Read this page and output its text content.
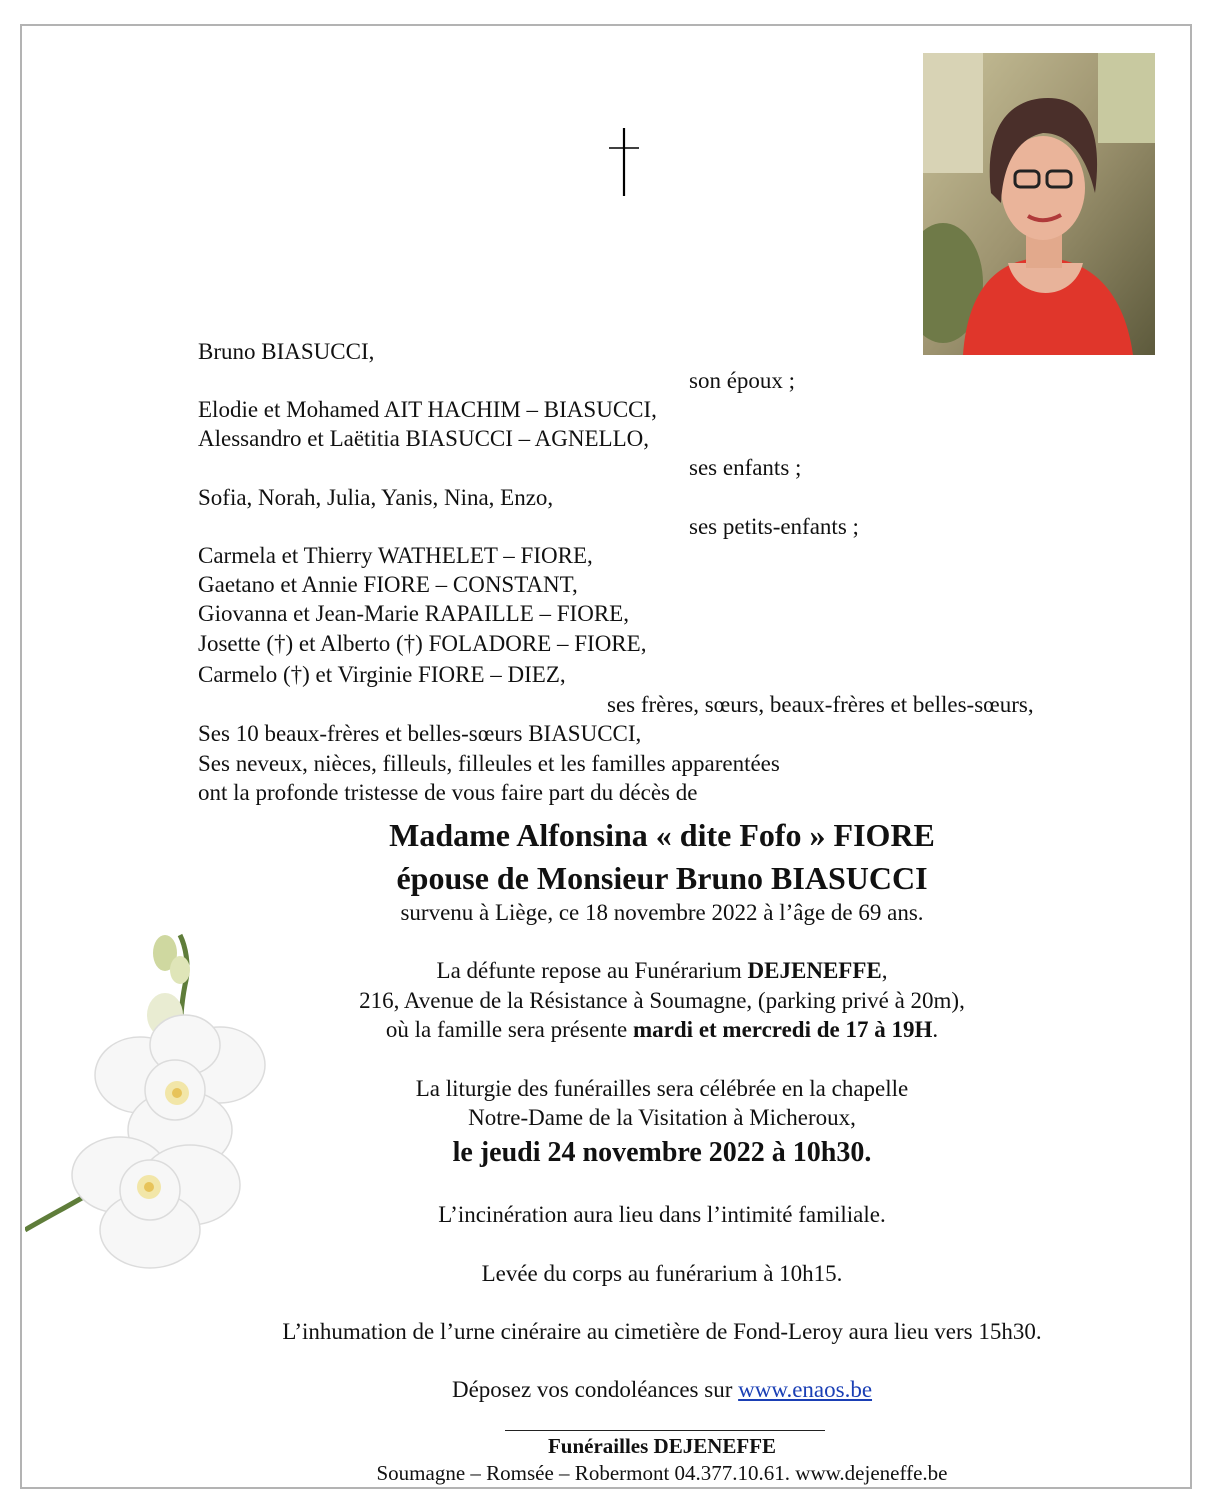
Bruno BIASUCCI,
son époux ;
Elodie et Mohamed AIT HACHIM – BIASUCCI,
Alessandro et Laëtitia BIASUCCI – AGNELLO,
ses enfants ;
Sofia, Norah, Julia, Yanis, Nina, Enzo,
ses petits-enfants ;
Carmela et Thierry WATHELET – FIORE,
Gaetano et Annie FIORE – CONSTANT,
Giovanna et Jean-Marie RAPAILLE – FIORE,
Josette (†) et Alberto (†) FOLADORE – FIORE,
Carmelo (†) et Virginie FIORE – DIEZ,
ses frères, sœurs, beaux-frères et belles-sœurs,
Ses 10 beaux-frères et belles-sœurs BIASUCCI,
Ses neveux, nièces, filleuls, filleules et les familles apparentées
ont la profonde tristesse de vous faire part du décès de
Madame Alfonsina « dite Fofo » FIORE
épouse de Monsieur Bruno BIASUCCI
survenu à Liège, ce 18 novembre 2022 à l’âge de 69 ans.
La défunte repose au Funérarium DEJENEFFE,
216, Avenue de la Résistance à Soumagne, (parking privé à 20m),
où la famille sera présente mardi et mercredi de 17 à 19H.
La liturgie des funérailles sera célébrée en la chapelle
Notre-Dame de la Visitation à Micheroux,
le jeudi 24 novembre 2022 à 10h30.
L’incinération aura lieu dans l’intimité familiale.
Levée du corps au funérarium à 10h15.
L’inhumation de l’urne cinéraire au cimetière de Fond-Leroy aura lieu vers 15h30.
Déposez vos condoléances sur www.enaos.be
Funérailles DEJENEFFE
Soumagne – Romsée – Robermont 04.377.10.61. www.dejeneffe.be
